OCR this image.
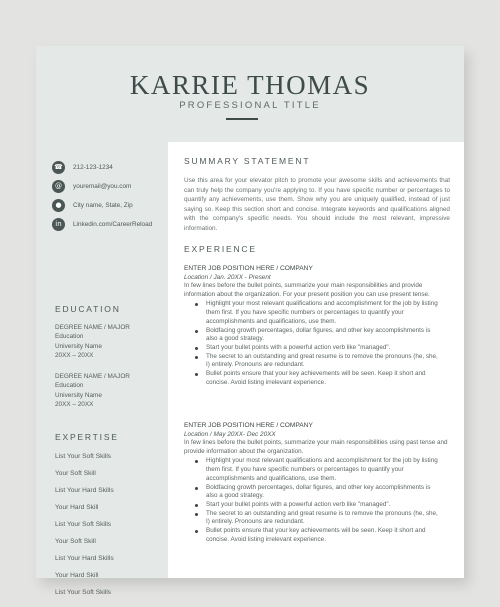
KARRIE THOMAS
PROFESSIONAL TITLE
☎	212-123-1234
@	youremail@you.com
●	City name, State, Zip
in	Linkedin.com/CareerReload
EDUCATION
DEGREE NAME / MAJOR
Education
University Name
20XX – 20XX
DEGREE NAME / MAJOR
Education
University Name
20XX – 20XX
EXPERTISE
List Your Soft Skills
Your Soft Skill
List Your Hard Skills
Your Hard Skill
List Your Soft Skills
Your Soft Skill
List Your Hard Skills
Your Hard Skill
List Your Soft Skills
SUMMARY STATEMENT
Use this area for your elevator pitch to promote your awesome skills and achievements that can truly help the company you're applying to. If you have specific number or percentages to quantify any achievements, use them. Show why you are uniquely qualified, instead of just saying so. Keep this section short and concise. Integrate keywords and qualifications aligned with the company's specific needs. You should include the most relevant, impressive information.
EXPERIENCE
ENTER JOB POSITION HERE / COMPANY
Location / Jan. 20XX - Present
In few lines before the bullet points, summarize your main responsibilities and provide information about the organization. For your present position you can use present tense.
Highlight your most relevant qualifications and accomplishment for the job by listing them first. If you have specific numbers or percentages to quantify your accomplishments and qualifications, use them.
Boldfacing growth percentages, dollar figures, and other key accomplishments is also a good strategy.
Start your bullet points with a powerful action verb like "managed".
The secret to an outstanding and great resume is to remove the pronouns (he, she, I) entirely. Pronouns are redundant.
Bullet points ensure that your key achievements will be seen. Keep it short and concise. Avoid listing irrelevant experience.
ENTER JOB POSITION HERE / COMPANY
Location / May 20XX- Dec 20XX
In few lines before the bullet points, summarize your main responsibilities using past tense and provide information about the organization.
Highlight your most relevant qualifications and accomplishment for the job by listing them first. If you have specific numbers or percentages to quantify your accomplishments and qualifications, use them.
Boldfacing growth percentages, dollar figures, and other key accomplishments is also a good strategy.
Start your bullet points with a powerful action verb like "managed".
The secret to an outstanding and great resume is to remove the pronouns (he, she, I) entirely. Pronouns are redundant.
Bullet points ensure that your key achievements will be seen. Keep it short and concise. Avoid listing irrelevant experience.
